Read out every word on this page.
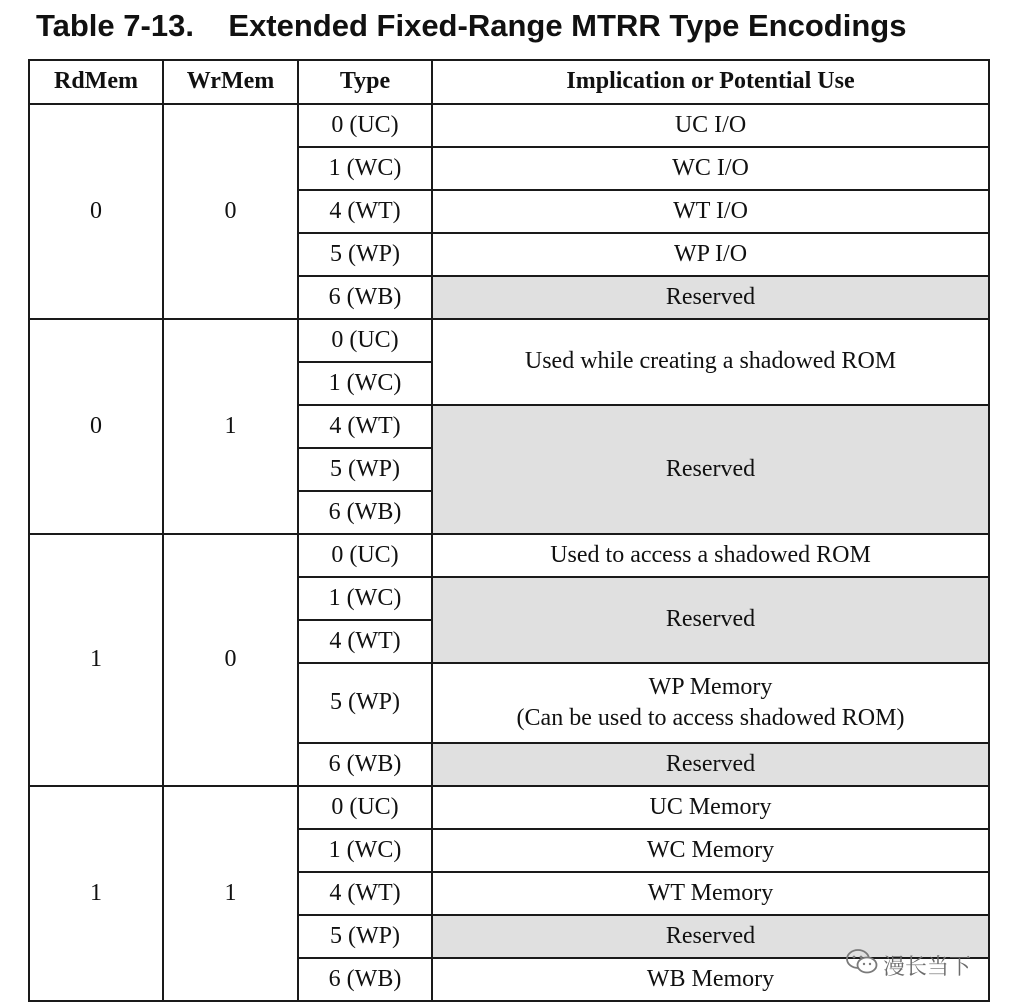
Table 7-13.    Extended Fixed-Range MTRR Type Encodings
RdMem	WrMem	Type	Implication or Potential Use
0	0	0 (UC)	UC I/O
		1 (WC)	WC I/O
		4 (WT)	WT I/O
		5 (WP)	WP I/O
		6 (WB)	Reserved
0	1	0 (UC)	Used while creating a shadowed ROM
		1 (WC)	
		4 (WT)	Reserved
		5 (WP)	
		6 (WB)	
1	0	0 (UC)	Used to access a shadowed ROM
		1 (WC)	Reserved
		4 (WT)	
		5 (WP)	WP Memory
(Can be used to access shadowed ROM)

		6 (WB)	Reserved
1	1	0 (UC)	UC Memory
		1 (WC)	WC Memory
		4 (WT)	WT Memory
		5 (WP)	Reserved
		6 (WB)	WB Memory	漫长当下
